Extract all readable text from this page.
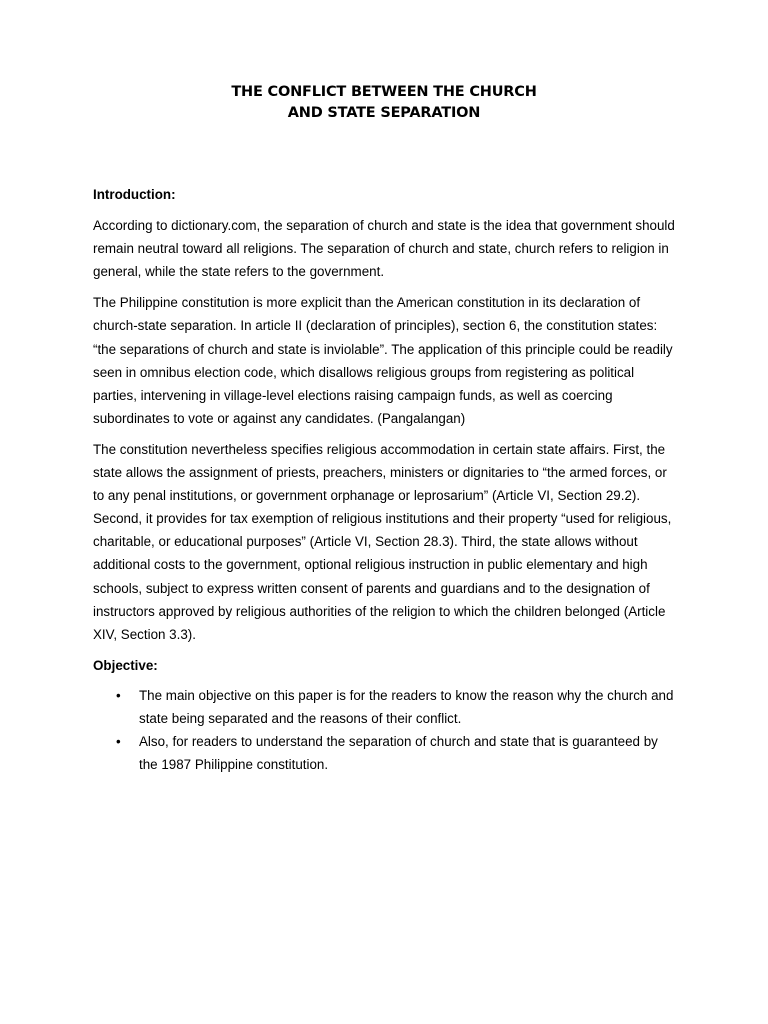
THE CONFLICT BETWEEN THE CHURCH
AND STATE SEPARATION
Introduction:

According to dictionary.com, the separation of church and state is the idea that government should remain neutral toward all religions. The separation of church and state, church refers to religion in general, while the state refers to the government.

The Philippine constitution is more explicit than the American constitution in its declaration of church-state separation. In article II (declaration of principles), section 6, the constitution states: “the separations of church and state is inviolable”. The application of this principle could be readily seen in omnibus election code, which disallows religious groups from registering as political parties, intervening in village-level elections raising campaign funds, as well as coercing subordinates to vote or against any candidates. (Pangalangan)

The constitution nevertheless specifies religious accommodation in certain state affairs. First, the state allows the assignment of priests, preachers, ministers or dignitaries to “the armed forces, or to any penal institutions, or government orphanage or leprosarium” (Article VI, Section 29.2). Second, it provides for tax exemption of religious institutions and their property “used for religious, charitable, or educational purposes” (Article VI, Section 28.3). Third, the state allows without additional costs to the government, optional religious instruction in public elementary and high schools, subject to express written consent of parents and guardians and to the designation of instructors approved by religious authorities of the religion to which the children belonged (Article XIV, Section 3.3).

Objective:
• The main objective on this paper is for the readers to know the reason why the church and state being separated and the reasons of their conflict.
• Also, for readers to understand the separation of church and state that is guaranteed by the 1987 Philippine constitution.
